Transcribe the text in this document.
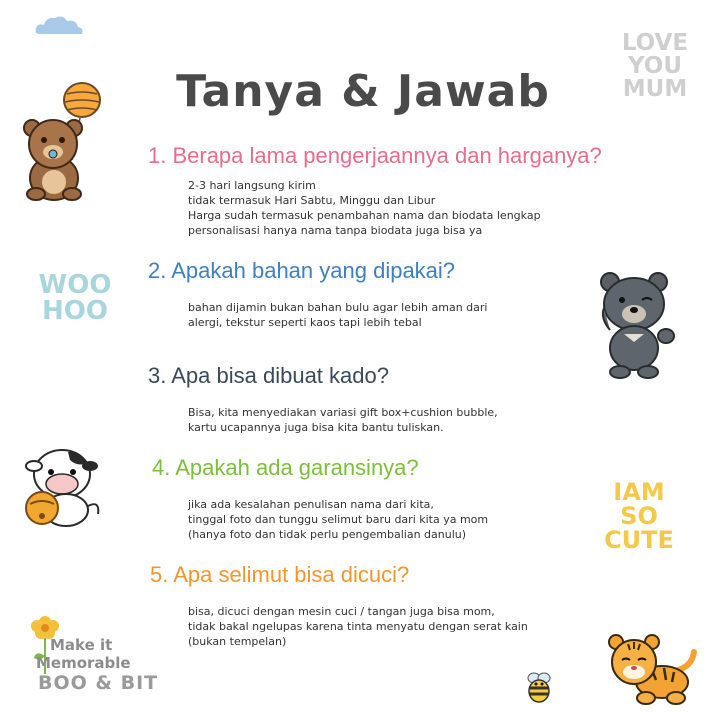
LOVE
YOU
MUM
Tanya & Jawab
WOO
HOO
IAM
SO
CUTE
Make it
Memorable
BOO & BIT
1. Berapa lama pengerjaannya dan harganya?
2-3 hari langsung kirim
tidak termasuk Hari Sabtu, Minggu dan Libur
Harga sudah termasuk penambahan nama dan biodata lengkap
personalisasi hanya nama tanpa biodata juga bisa ya
2. Apakah bahan yang dipakai?
bahan dijamin bukan bahan bulu agar lebih aman dari
alergi, tekstur seperti kaos tapi lebih tebal
3. Apa bisa dibuat kado?
Bisa, kita menyediakan variasi gift box+cushion bubble,
kartu ucapannya juga bisa kita bantu tuliskan.
4. Apakah ada garansinya?
jika ada kesalahan penulisan nama dari kita,
tinggal foto dan tunggu selimut baru dari kita ya mom
(hanya foto dan tidak perlu pengembalian danulu)
5. Apa selimut bisa dicuci?
bisa, dicuci dengan mesin cuci / tangan juga bisa mom,
tidak bakal ngelupas karena tinta menyatu dengan serat kain
(bukan tempelan)
